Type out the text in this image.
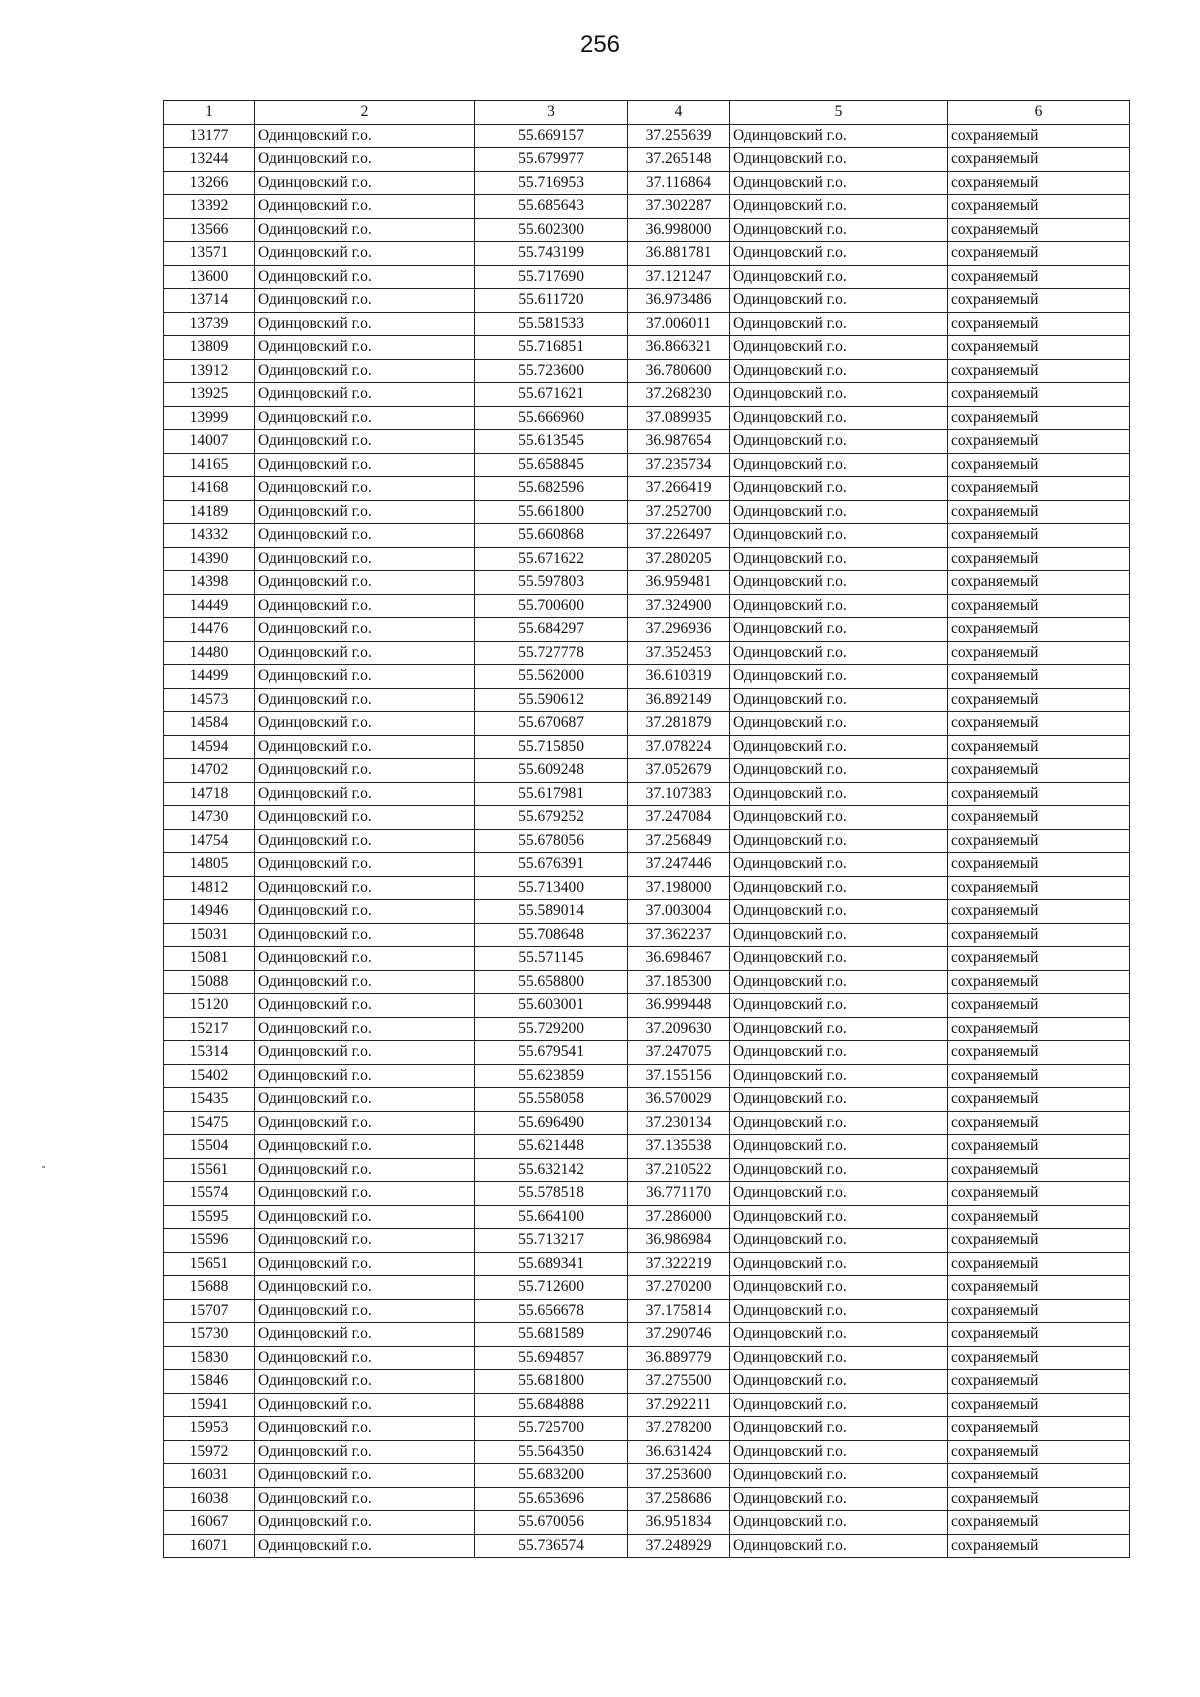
256
1	2	3	4	5	6
13177	Одинцовский г.о.	55.669157	37.255639	Одинцовский г.о.	сохраняемый
13244	Одинцовский г.о.	55.679977	37.265148	Одинцовский г.о.	сохраняемый
13266	Одинцовский г.о.	55.716953	37.116864	Одинцовский г.о.	сохраняемый
13392	Одинцовский г.о.	55.685643	37.302287	Одинцовский г.о.	сохраняемый
13566	Одинцовский г.о.	55.602300	36.998000	Одинцовский г.о.	сохраняемый
13571	Одинцовский г.о.	55.743199	36.881781	Одинцовский г.о.	сохраняемый
13600	Одинцовский г.о.	55.717690	37.121247	Одинцовский г.о.	сохраняемый
13714	Одинцовский г.о.	55.611720	36.973486	Одинцовский г.о.	сохраняемый
13739	Одинцовский г.о.	55.581533	37.006011	Одинцовский г.о.	сохраняемый
13809	Одинцовский г.о.	55.716851	36.866321	Одинцовский г.о.	сохраняемый
13912	Одинцовский г.о.	55.723600	36.780600	Одинцовский г.о.	сохраняемый
13925	Одинцовский г.о.	55.671621	37.268230	Одинцовский г.о.	сохраняемый
13999	Одинцовский г.о.	55.666960	37.089935	Одинцовский г.о.	сохраняемый
14007	Одинцовский г.о.	55.613545	36.987654	Одинцовский г.о.	сохраняемый
14165	Одинцовский г.о.	55.658845	37.235734	Одинцовский г.о.	сохраняемый
14168	Одинцовский г.о.	55.682596	37.266419	Одинцовский г.о.	сохраняемый
14189	Одинцовский г.о.	55.661800	37.252700	Одинцовский г.о.	сохраняемый
14332	Одинцовский г.о.	55.660868	37.226497	Одинцовский г.о.	сохраняемый
14390	Одинцовский г.о.	55.671622	37.280205	Одинцовский г.о.	сохраняемый
14398	Одинцовский г.о.	55.597803	36.959481	Одинцовский г.о.	сохраняемый
14449	Одинцовский г.о.	55.700600	37.324900	Одинцовский г.о.	сохраняемый
14476	Одинцовский г.о.	55.684297	37.296936	Одинцовский г.о.	сохраняемый
14480	Одинцовский г.о.	55.727778	37.352453	Одинцовский г.о.	сохраняемый
14499	Одинцовский г.о.	55.562000	36.610319	Одинцовский г.о.	сохраняемый
14573	Одинцовский г.о.	55.590612	36.892149	Одинцовский г.о.	сохраняемый
14584	Одинцовский г.о.	55.670687	37.281879	Одинцовский г.о.	сохраняемый
14594	Одинцовский г.о.	55.715850	37.078224	Одинцовский г.о.	сохраняемый
14702	Одинцовский г.о.	55.609248	37.052679	Одинцовский г.о.	сохраняемый
14718	Одинцовский г.о.	55.617981	37.107383	Одинцовский г.о.	сохраняемый
14730	Одинцовский г.о.	55.679252	37.247084	Одинцовский г.о.	сохраняемый
14754	Одинцовский г.о.	55.678056	37.256849	Одинцовский г.о.	сохраняемый
14805	Одинцовский г.о.	55.676391	37.247446	Одинцовский г.о.	сохраняемый
14812	Одинцовский г.о.	55.713400	37.198000	Одинцовский г.о.	сохраняемый
14946	Одинцовский г.о.	55.589014	37.003004	Одинцовский г.о.	сохраняемый
15031	Одинцовский г.о.	55.708648	37.362237	Одинцовский г.о.	сохраняемый
15081	Одинцовский г.о.	55.571145	36.698467	Одинцовский г.о.	сохраняемый
15088	Одинцовский г.о.	55.658800	37.185300	Одинцовский г.о.	сохраняемый
15120	Одинцовский г.о.	55.603001	36.999448	Одинцовский г.о.	сохраняемый
15217	Одинцовский г.о.	55.729200	37.209630	Одинцовский г.о.	сохраняемый
15314	Одинцовский г.о.	55.679541	37.247075	Одинцовский г.о.	сохраняемый
15402	Одинцовский г.о.	55.623859	37.155156	Одинцовский г.о.	сохраняемый
15435	Одинцовский г.о.	55.558058	36.570029	Одинцовский г.о.	сохраняемый
15475	Одинцовский г.о.	55.696490	37.230134	Одинцовский г.о.	сохраняемый
15504	Одинцовский г.о.	55.621448	37.135538	Одинцовский г.о.	сохраняемый
15561	Одинцовский г.о.	55.632142	37.210522	Одинцовский г.о.	сохраняемый
15574	Одинцовский г.о.	55.578518	36.771170	Одинцовский г.о.	сохраняемый
15595	Одинцовский г.о.	55.664100	37.286000	Одинцовский г.о.	сохраняемый
15596	Одинцовский г.о.	55.713217	36.986984	Одинцовский г.о.	сохраняемый
15651	Одинцовский г.о.	55.689341	37.322219	Одинцовский г.о.	сохраняемый
15688	Одинцовский г.о.	55.712600	37.270200	Одинцовский г.о.	сохраняемый
15707	Одинцовский г.о.	55.656678	37.175814	Одинцовский г.о.	сохраняемый
15730	Одинцовский г.о.	55.681589	37.290746	Одинцовский г.о.	сохраняемый
15830	Одинцовский г.о.	55.694857	36.889779	Одинцовский г.о.	сохраняемый
15846	Одинцовский г.о.	55.681800	37.275500	Одинцовский г.о.	сохраняемый
15941	Одинцовский г.о.	55.684888	37.292211	Одинцовский г.о.	сохраняемый
15953	Одинцовский г.о.	55.725700	37.278200	Одинцовский г.о.	сохраняемый
15972	Одинцовский г.о.	55.564350	36.631424	Одинцовский г.о.	сохраняемый
16031	Одинцовский г.о.	55.683200	37.253600	Одинцовский г.о.	сохраняемый
16038	Одинцовский г.о.	55.653696	37.258686	Одинцовский г.о.	сохраняемый
16067	Одинцовский г.о.	55.670056	36.951834	Одинцовский г.о.	сохраняемый
16071	Одинцовский г.о.	55.736574	37.248929	Одинцовский г.о.	сохраняемый
